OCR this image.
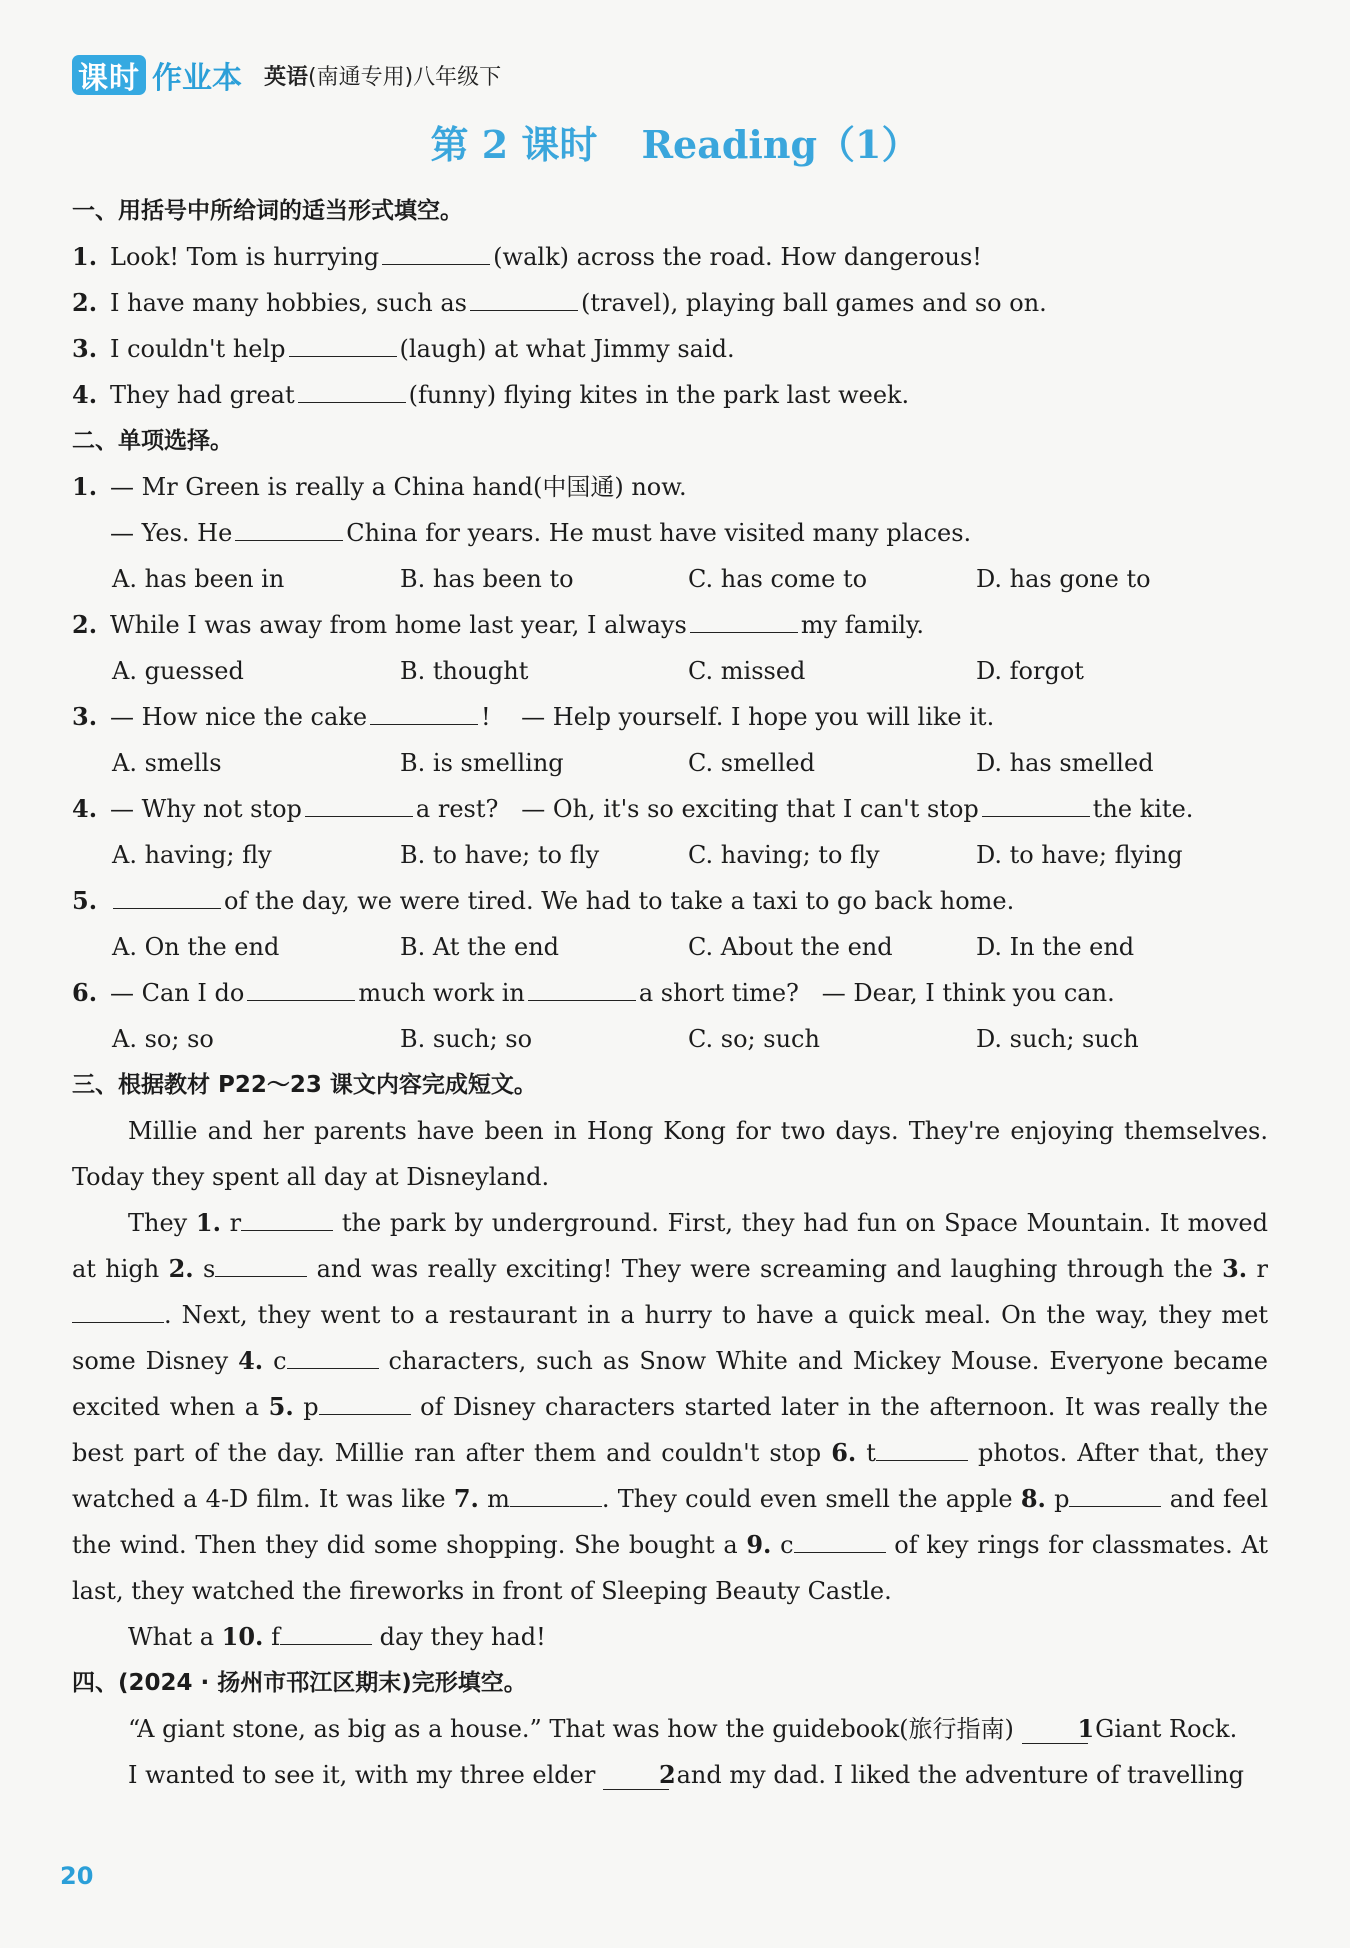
课时 作业本 英语(南通专用)八年级下
第 2 课时 Reading（1）
一、用括号中所给词的适当形式填空。
1. Look! Tom is hurrying	(walk) across the road. How dangerous!
2. I have many hobbies, such as	(travel), playing ball games and so on.
3. I couldn't help	(laugh) at what Jimmy said.
4. They had great	(funny) flying kites in the park last week.
二、单项选择。
1. — Mr Green is really a China hand(中国通) now.
— Yes. He	China for years. He must have visited many places.
A. has been in	B. has been to	C. has come to	D. has gone to
2. While I was away from home last year, I always	my family.
A. guessed	B. thought	C. missed	D. forgot
3. — How nice the cake	!    — Help yourself. I hope you will like it.
A. smells	B. is smelling	C. smelled	D. has smelled
4. — Why not stop	a rest?   — Oh, it's so exciting that I can't stop	the kite.
A. having; fly	B. to have; to fly	C. having; to fly	D. to have; flying
5.	of the day, we were tired. We had to take a taxi to go back home.
A. On the end	B. At the end	C. About the end	D. In the end
6. — Can I do	much work in	a short time?   — Dear, I think you can.
A. so; so	B. such; so	C. so; such	D. such; such
三、根据教材 P22～23 课文内容完成短文。
Millie and her parents have been in Hong Kong for two days. They're enjoying themselves. Today they spent all day at Disneyland.
They 1. r	the park by underground. First, they had fun on Space Mountain. It moved at high 2. s	and was really exciting! They were screaming and laughing through the 3. r. Next, they went to a restaurant in a hurry to have a quick meal. On the way, they met some Disney 4. c	characters, such as Snow White and Mickey Mouse. Everyone became excited when a 5. p	of Disney characters started later in the afternoon. It was really the best part of the day. Millie ran after them and couldn't stop 6. t	photos. After that, they watched a 4-D film. It was like 7. m	. They could even smell the apple 8. p	and feel the wind. Then they did some shopping. She bought a 9. c	of key rings for classmates. At last, they watched the fireworks in front of Sleeping Beauty Castle.
What a 10. f	day they had!
四、(2024 · 扬州市邗江区期末)完形填空。
“A giant stone, as big as a house.” That was how the guidebook(旅行指南)	1 Giant Rock.
I wanted to see it, with my three elder	2 and my dad. I liked the adventure of travelling
20
